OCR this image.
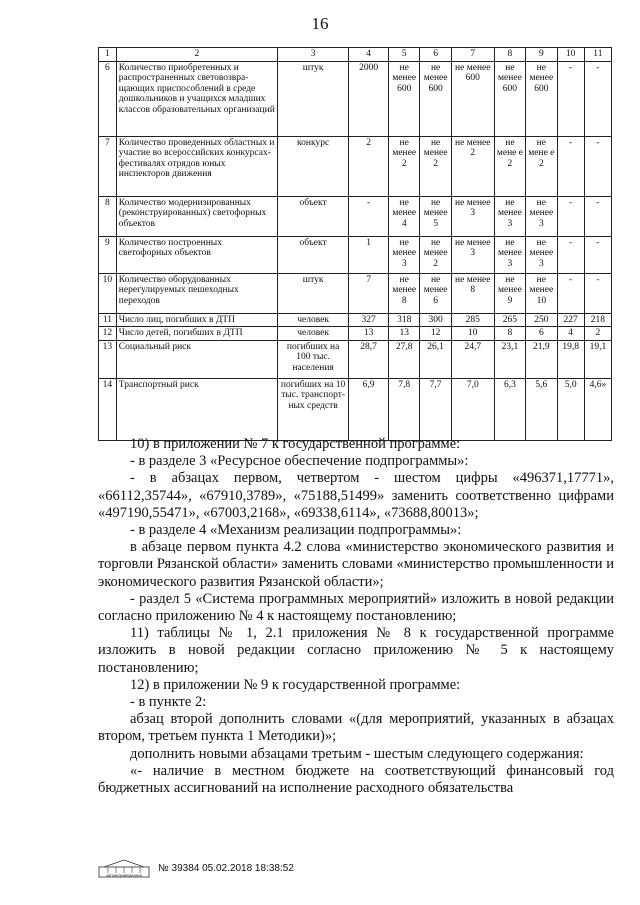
16
1	2	3	4	5	6	7	8	9	10	11
6	Количество приобретенных и распространенных световозвра-щающих приспособлений в среде дошкольников и учащихся младших классов образовательных организаций	штук	2000	не менее 600	не менее 600	не менее 600	не менее 600	не менее 600	-	-
7	Количество проведенных областных и участие во всероссийских конкурсах-фестивалях отрядов юных инспекторов движения	конкурс	2	не менее 2	не менее 2	не менее 2	не мене е 2	не мене е 2	-	-
8	Количество модернизированных (реконструированных) светофорных объектов	объект	-	не менее 4	не менее 5	не менее 3	не менее 3	не менее 3	-	-
9	Количество построенных светофорных объектов	объект	1	не менее 3	не менее 2	не менее 3	не менее 3	не менее 3	-	-
10	Количество оборудованных нерегулируемых пешеходных переходов	штук	7	не менее 8	не менее 6	не менее 8	не менее 9	не менее 10	-	-
11	Число лиц, погибших в ДТП	человек	327	318	300	285	265	250	227	218
12	Число детей, погибших в ДТП	человек	13	13	12	10	8	6	4	2
13	Социальный риск	погибших на 100 тыс. населения	28,7	27,8	26,1	24,7	23,1	21,9	19,8	19,1
14	Транспортный риск	погибших на 10 тыс. транспорт-ных средств	6,9	7,8	7,7	7,0	6,3	5,6	5,0	4,6»

10) в приложении № 7 к государственной программе:

- в разделе 3 «Ресурсное обеспечение подпрограммы»:

- в абзацах первом, четвертом - шестом цифры «496371,17771», «66112,35744», «67910,3789», «75188,51499» заменить соответственно цифрами «497190,55471», «67003,2168», «69338,6114», «73688,80013»;

- в разделе 4 «Механизм реализации подпрограммы»:

в абзаце первом пункта 4.2 слова «министерство экономического развития и торговли Рязанской области» заменить словами «министерство промышленности и экономического развития Рязанской области»;

- раздел 5 «Система программных мероприятий» изложить в новой редакции согласно приложению № 4 к настоящему постановлению;

11) таблицы № 1, 2.1 приложения № 8 к государственной программе изложить в новой редакции согласно приложению № 5 к настоящему постановлению;

12) в приложении № 9 к государственной программе:

- в пункте 2:

абзац второй дополнить словами «(для мероприятий, указанных в абзацах втором, третьем пункта 1 Методики)»;

дополнить новыми абзацами третьим - шестым следующего содержания:

«- наличие в местном бюджете на соответствующий финансовый год бюджетных ассигнований на исполнение расходного обязательства

АВТОМАТИЗИРОВАННАЯ
№ 39384 05.02.2018 18:38:52
